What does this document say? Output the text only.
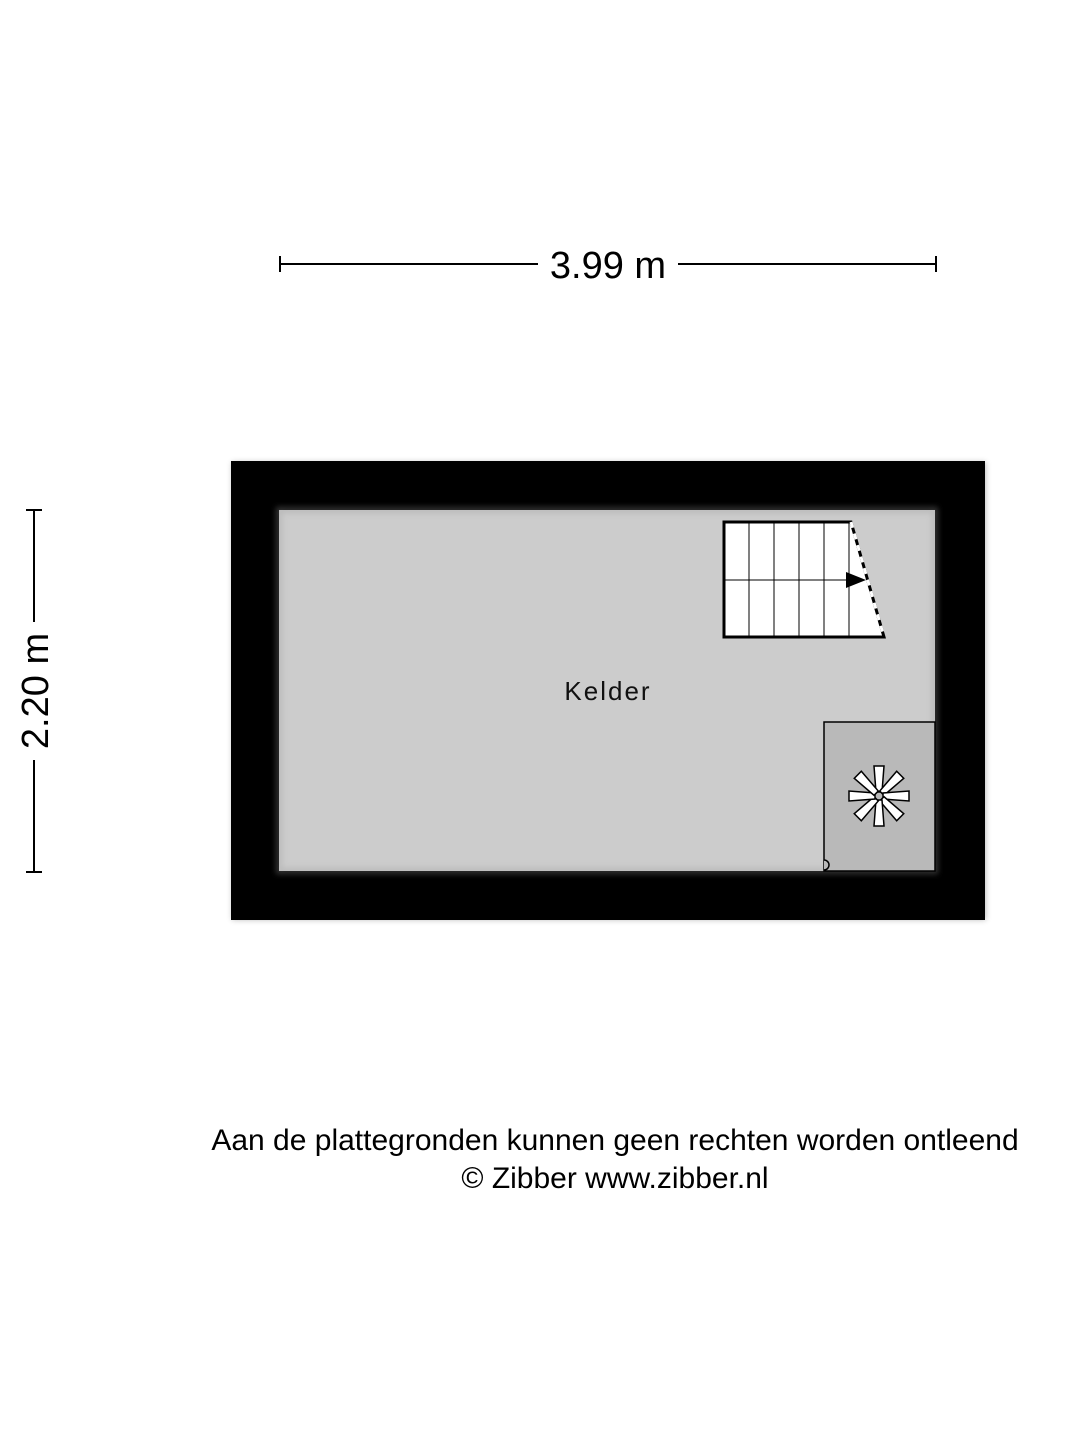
3.99 m
2.20 m	Kelder
Aan de plattegronden kunnen geen rechten worden ontleend
© Zibber www.zibber.nl
